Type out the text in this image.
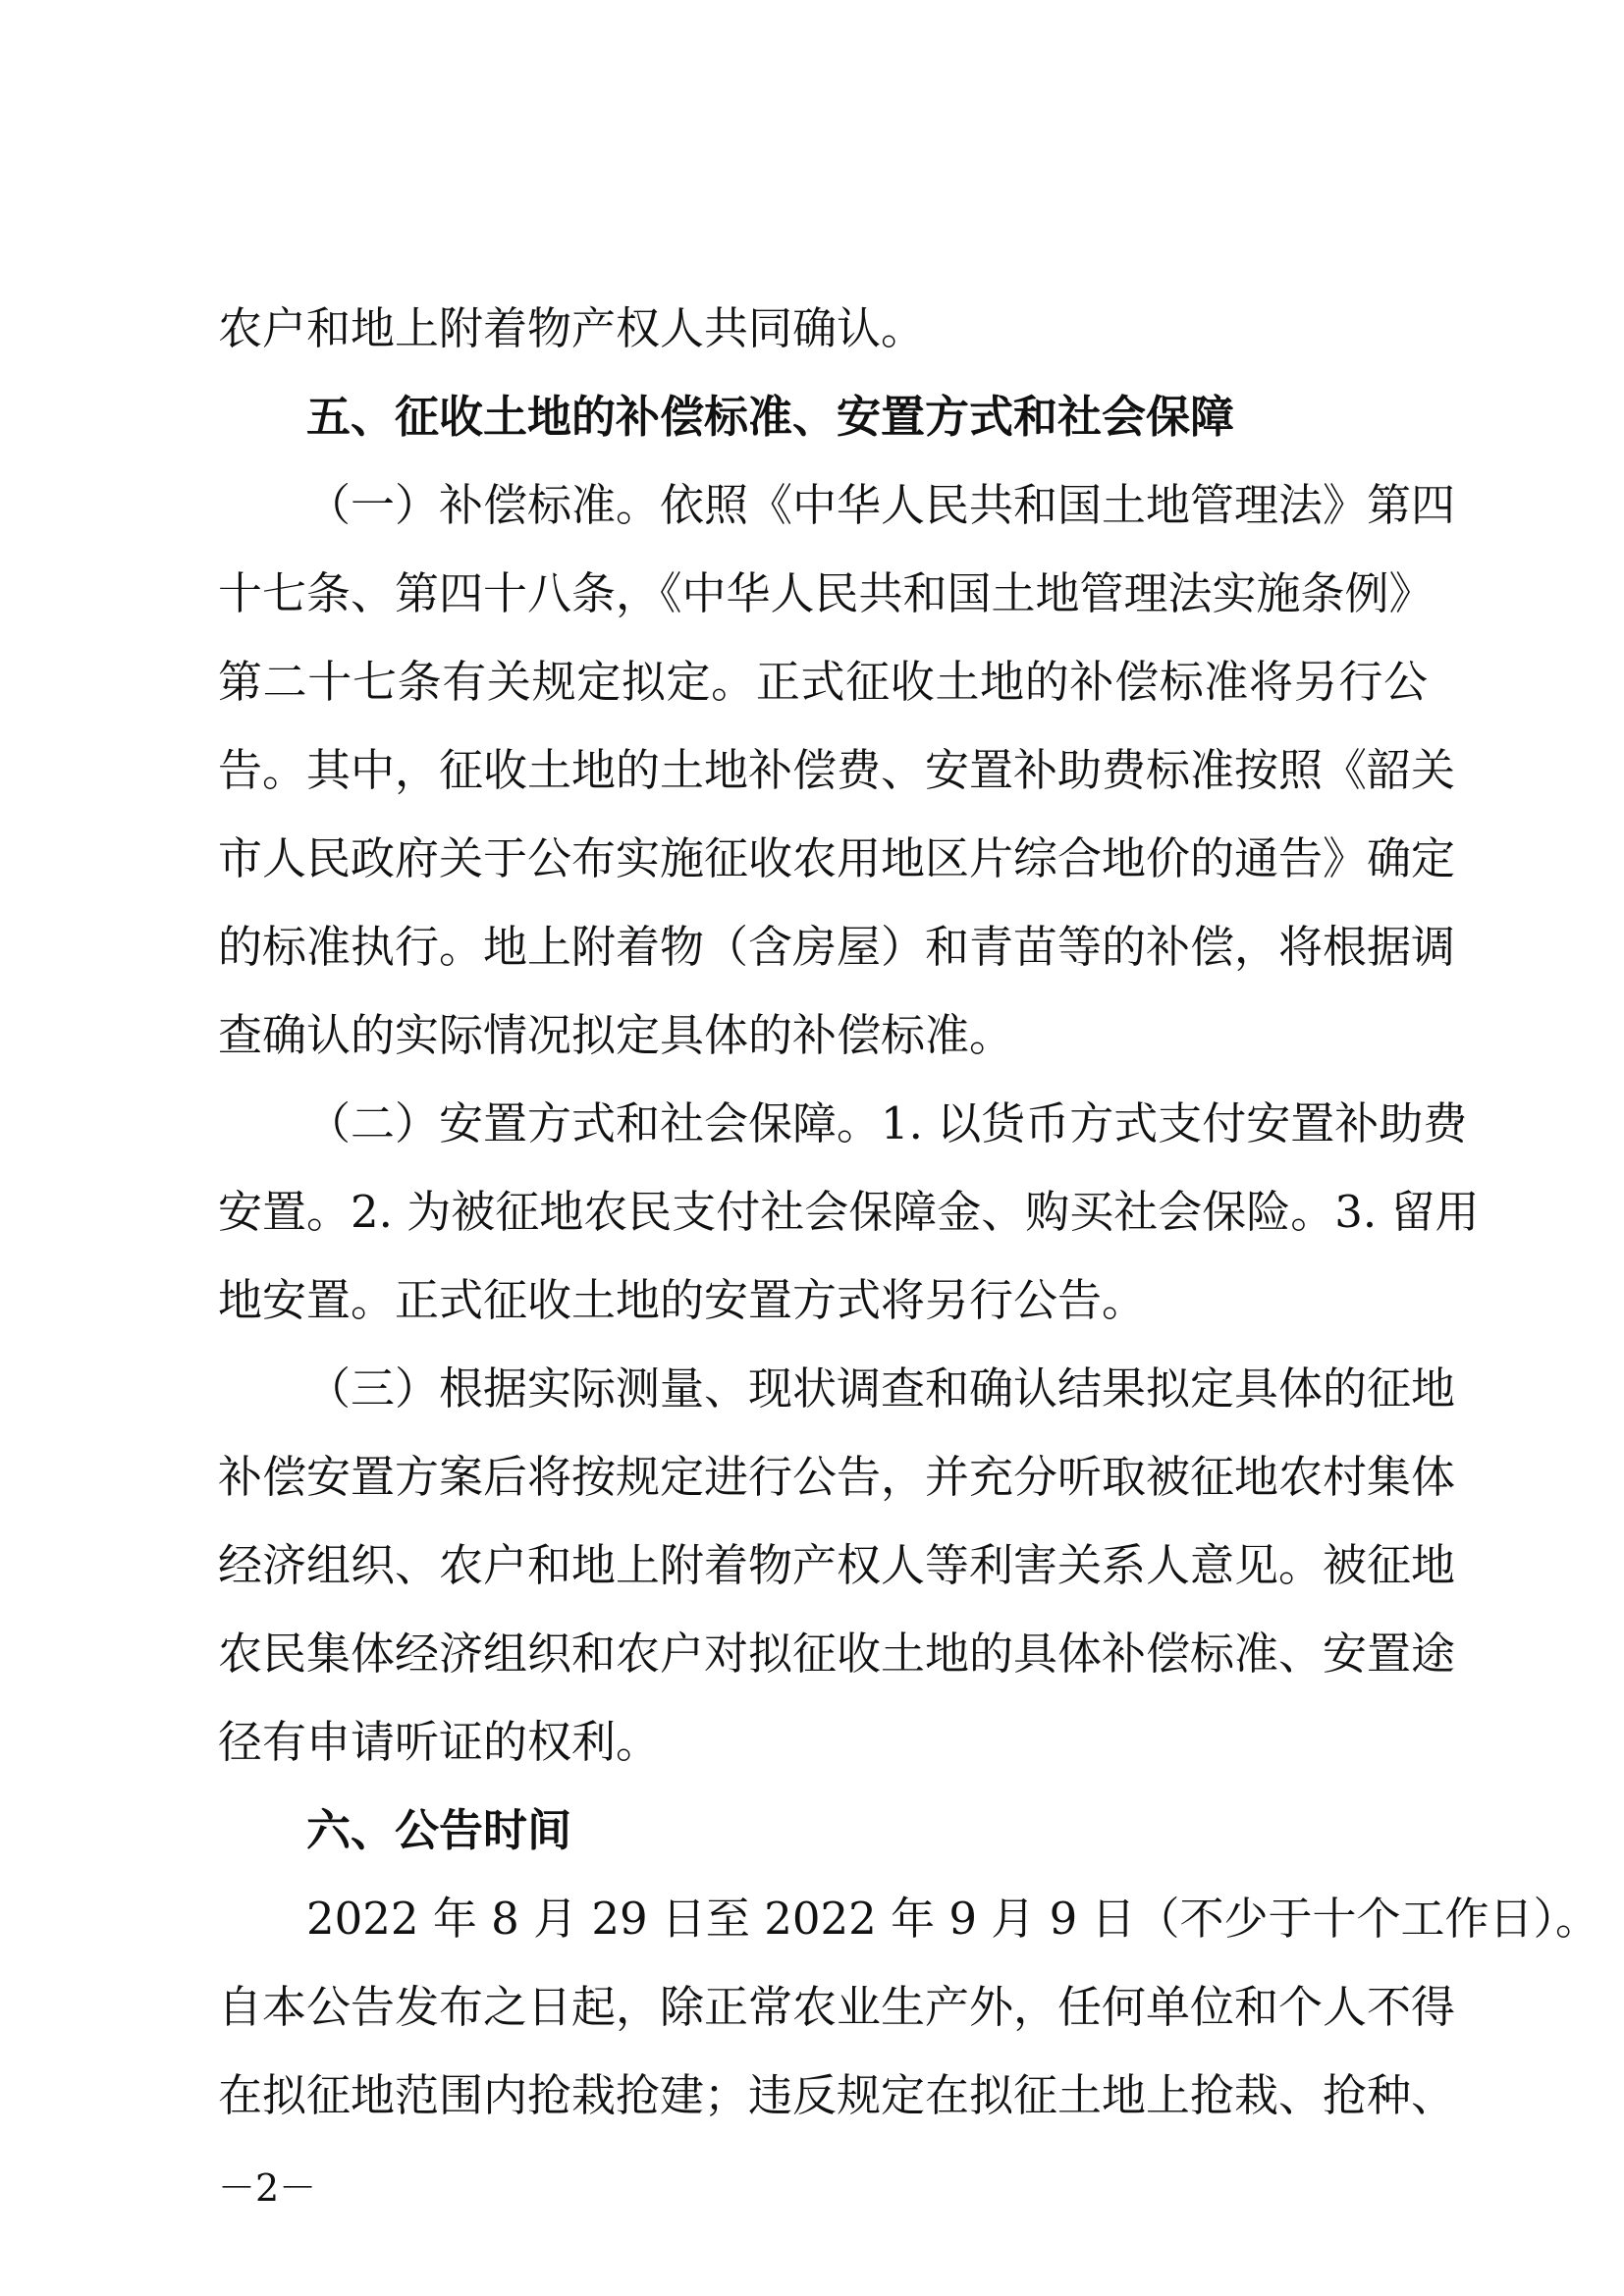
农户和地上附着物产权人共同确认。
五、征收土地的补偿标准、安置方式和社会保障
（一）补偿标准。依照《中华人民共和国土地管理法》第四
十七条、第四十八条，《中华人民共和国土地管理法实施条例》
第二十七条有关规定拟定。正式征收土地的补偿标准将另行公
告。其中，征收土地的土地补偿费、安置补助费标准按照《韶关
市人民政府关于公布实施征收农用地区片综合地价的通告》确定
的标准执行。地上附着物（含房屋）和青苗等的补偿，将根据调
查确认的实际情况拟定具体的补偿标准。
（二）安置方式和社会保障。1. 以货币方式支付安置补助费
安置。2. 为被征地农民支付社会保障金、购买社会保险。3. 留用
地安置。正式征收土地的安置方式将另行公告。
（三）根据实际测量、现状调查和确认结果拟定具体的征地
补偿安置方案后将按规定进行公告，并充分听取被征地农村集体
经济组织、农户和地上附着物产权人等利害关系人意见。被征地
农民集体经济组织和农户对拟征收土地的具体补偿标准、安置途
径有申请听证的权利。
六、公告时间
2022 年 8 月 29 日至 2022 年 9 月 9 日（不少于十个工作日）。
自本公告发布之日起，除正常农业生产外，任何单位和个人不得
在拟征地范围内抢栽抢建；违反规定在拟征土地上抢栽、抢种、
－2－
